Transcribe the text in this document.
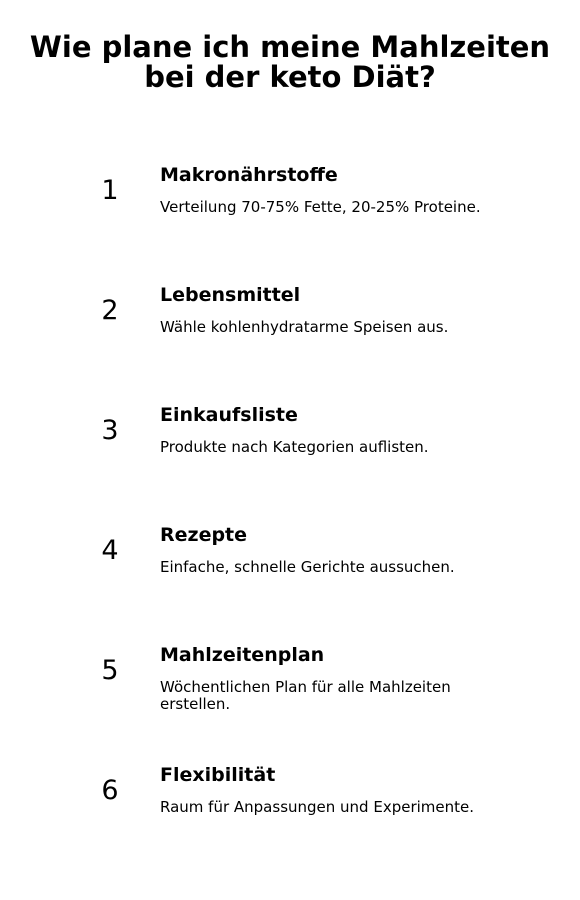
Wie plane ich meine Mahlzeiten bei der keto Diät?
1	Makronährstoffe
Verteilung 70-75% Fette, 20-25% Proteine.
2	Lebensmittel
Wähle kohlenhydratarme Speisen aus.
3	Einkaufsliste
Produkte nach Kategorien auflisten.
4	Rezepte
Einfache, schnelle Gerichte aussuchen.
5	Mahlzeitenplan
Wöchentlichen Plan für alle Mahlzeiten erstellen.
6	Flexibilität
Raum für Anpassungen und Experimente.
